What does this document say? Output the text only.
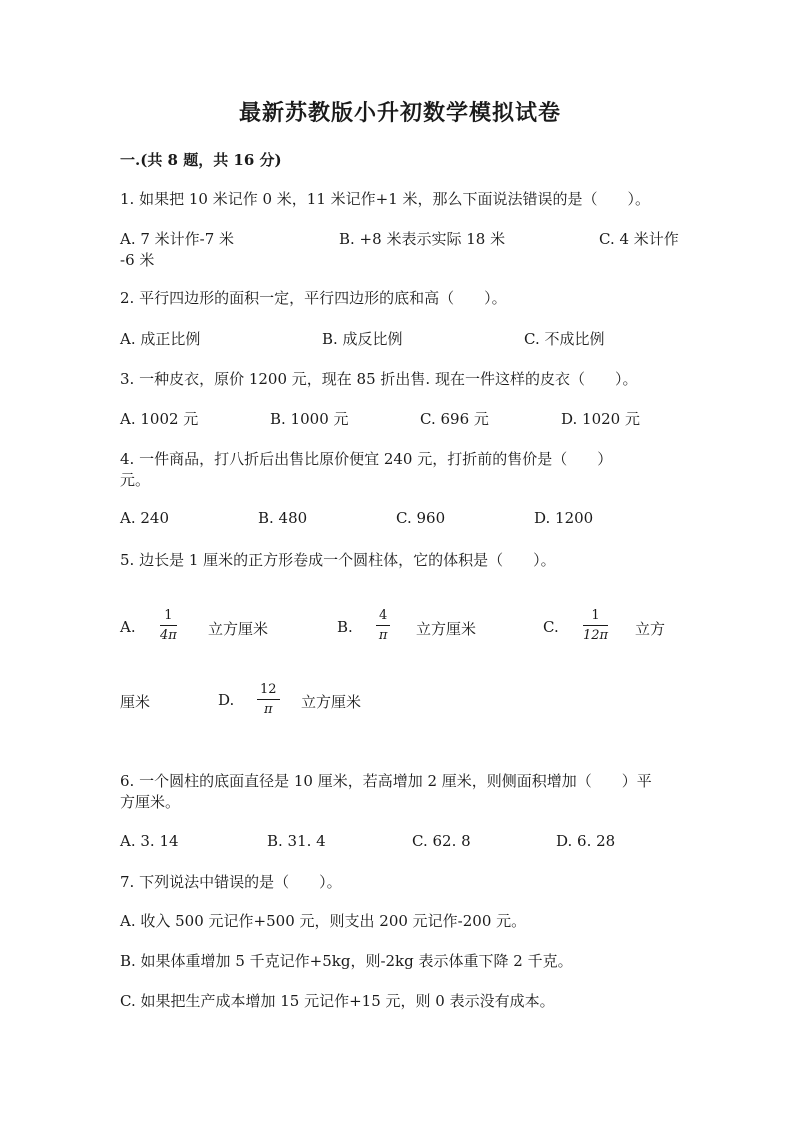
最新苏教版小升初数学模拟试卷
一.(共 8 题，共 16 分)
1. 如果把 10 米记作 0 米，11 米记作+1 米，那么下面说法错误的是（　　）。
A. 7 米计作-7 米	B. +8 米表示实际 18 米	C. 4 米计作
-6 米
2. 平行四边形的面积一定，平行四边形的底和高（　　）。
A. 成正比例	B. 成反比例	C. 不成比例
3. 一种皮衣，原价 1200 元，现在 85 折出售. 现在一件这样的皮衣（　　）。
A. 1002 元	B. 1000 元	C. 696 元	D. 1020 元
4. 一件商品，打八折后出售比原价便宜 240 元，打折前的售价是（　　）
元。
A. 240	B. 480	C. 960	D. 1200
5. 边长是 1 厘米的正方形卷成一个圆柱体，它的体积是（　　）。
A.
1
4π 立方厘米	B.
4
π 立方厘米	C.
1
12π 立方
厘米	D.
12
π 立方厘米
6. 一个圆柱的底面直径是 10 厘米，若高增加 2 厘米，则侧面积增加（　　）平
方厘米。
A. 3. 14	B. 31. 4	C. 62. 8	D. 6. 28
7. 下列说法中错误的是（　　）。
A. 收入 500 元记作+500 元，则支出 200 元记作-200 元。
B. 如果体重增加 5 千克记作+5kg，则-2kg 表示体重下降 2 千克。
C. 如果把生产成本增加 15 元记作+15 元，则 0 表示没有成本。
